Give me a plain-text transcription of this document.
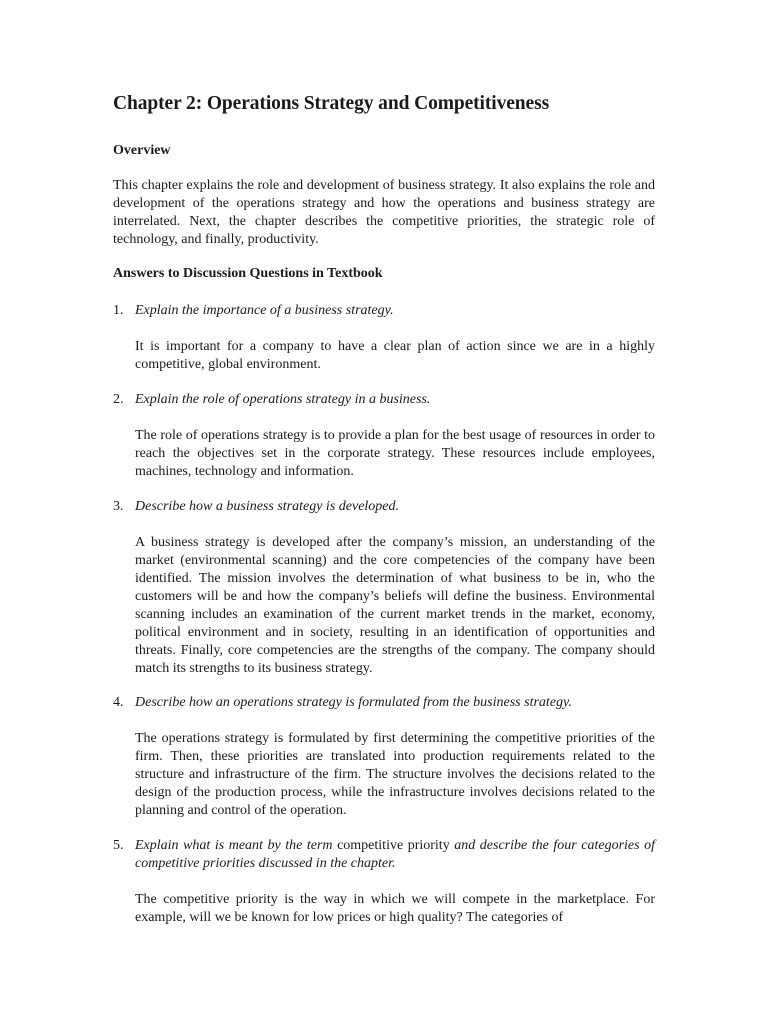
Chapter 2: Operations Strategy and Competitiveness

Overview

This chapter explains the role and development of business strategy. It also explains the role and development of the operations strategy and how the operations and business strategy are interrelated. Next, the chapter describes the competitive priorities, the strategic role of technology, and finally, productivity.

Answers to Discussion Questions in Textbook

1. Explain the importance of a business strategy.

It is important for a company to have a clear plan of action since we are in a highly competitive, global environment.

2. Explain the role of operations strategy in a business.

The role of operations strategy is to provide a plan for the best usage of resources in order to reach the objectives set in the corporate strategy. These resources include employees, machines, technology and information.

3. Describe how a business strategy is developed.

A business strategy is developed after the company’s mission, an understanding of the market (environmental scanning) and the core competencies of the company have been identified. The mission involves the determination of what business to be in, who the customers will be and how the company’s beliefs will define the business. Environmental scanning includes an examination of the current market trends in the market, economy, political environment and in society, resulting in an identification of opportunities and threats. Finally, core competencies are the strengths of the company. The company should match its strengths to its business strategy.

4. Describe how an operations strategy is formulated from the business strategy.

The operations strategy is formulated by first determining the competitive priorities of the firm. Then, these priorities are translated into production requirements related to the structure and infrastructure of the firm. The structure involves the decisions related to the design of the production process, while the infrastructure involves decisions related to the planning and control of the operation.

5. Explain what is meant by the term competitive priority and describe the four categories of competitive priorities discussed in the chapter.

The competitive priority is the way in which we will compete in the marketplace. For example, will we be known for low prices or high quality? The categories of
